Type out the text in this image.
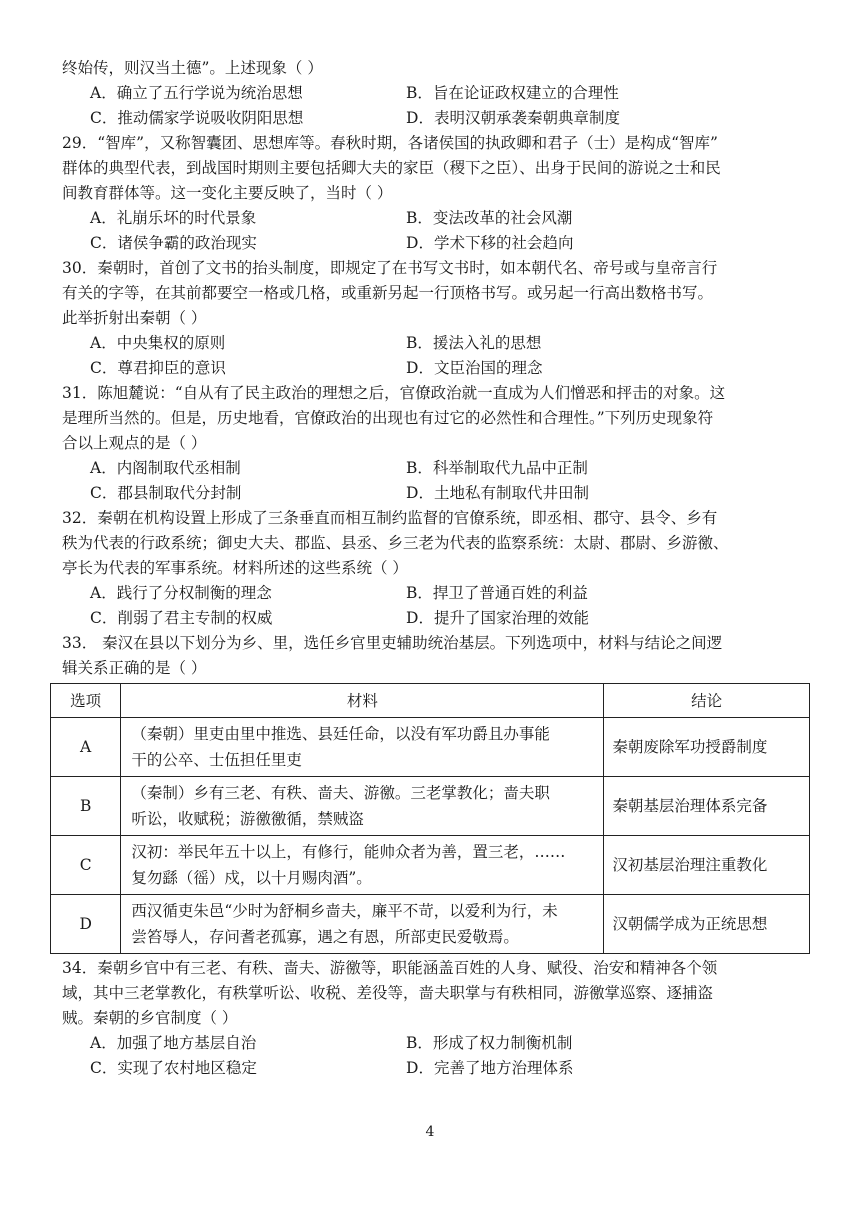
终始传，则汉当土德”。上述现象（ ）
A．确立了五行学说为统治思想	B．旨在论证政权建立的合理性
C．推动儒家学说吸收阴阳思想	D．表明汉朝承袭秦朝典章制度
29．“智库”，又称智囊团、思想库等。春秋时期，各诸侯国的执政卿和君子（士）是构成“智库”
群体的典型代表，到战国时期则主要包括卿大夫的家臣（稷下之臣）、出身于民间的游说之士和民
间教育群体等。这一变化主要反映了，当时（ ）
A．礼崩乐坏的时代景象	B．变法改革的社会风潮
C．诸侯争霸的政治现实	D．学术下移的社会趋向
30．秦朝时，首创了文书的抬头制度，即规定了在书写文书时，如本朝代名、帝号或与皇帝言行
有关的字等，在其前都要空一格或几格，或重新另起一行顶格书写。或另起一行高出数格书写。
此举折射出秦朝（ ）
A．中央集权的原则	B．援法入礼的思想
C．尊君抑臣的意识	D．文臣治国的理念
31．陈旭麓说：“自从有了民主政治的理想之后，官僚政治就一直成为人们憎恶和抨击的对象。这
是理所当然的。但是，历史地看，官僚政治的出现也有过它的必然性和合理性。”下列历史现象符
合以上观点的是（ ）
A．内阁制取代丞相制	B．科举制取代九品中正制
C．郡县制取代分封制	D．土地私有制取代井田制
32．秦朝在机构设置上形成了三条垂直而相互制约监督的官僚系统，即丞相、郡守、县令、乡有
秩为代表的行政系统；御史大夫、郡监、县丞、乡三老为代表的监察系统：太尉、郡尉、乡游徼、
亭长为代表的军事系统。材料所述的这些系统（ ）
A．践行了分权制衡的理念	B．捍卫了普通百姓的利益
C．削弱了君主专制的权威	D．提升了国家治理的效能
33． 秦汉在县以下划分为乡、里，选任乡官里吏辅助统治基层。下列选项中，材料与结论之间逻
辑关系正确的是（ ）
选项	材料	结论
A	（秦朝）里吏由里中推选、县廷任命，以没有军功爵且办事能
干的公卒、士伍担任里吏	秦朝废除军功授爵制度
B	（秦制）乡有三老、有秩、啬夫、游徼。三老掌教化；啬夫职
听讼，收赋税；游徼徼循，禁贼盗	秦朝基层治理体系完备
C	汉初：举民年五十以上，有修行，能帅众者为善，置三老，……
复勿繇（徭）戍，以十月赐肉酒”。	汉初基层治理注重教化
D	西汉循吏朱邑“少时为舒桐乡啬夫，廉平不苛，以爱利为行，未
尝笞辱人，存问耆老孤寡，遇之有恩，所部吏民爱敬焉。	汉朝儒学成为正统思想
34．秦朝乡官中有三老、有秩、啬夫、游徼等，职能涵盖百姓的人身、赋役、治安和精神各个领
域，其中三老掌教化，有秩掌听讼、收税、差役等，啬夫职掌与有秩相同，游徼掌巡察、逐捕盗
贼。秦朝的乡官制度（ ）
A．加强了地方基层自治	B．形成了权力制衡机制
C．实现了农村地区稳定	D．完善了地方治理体系
4
